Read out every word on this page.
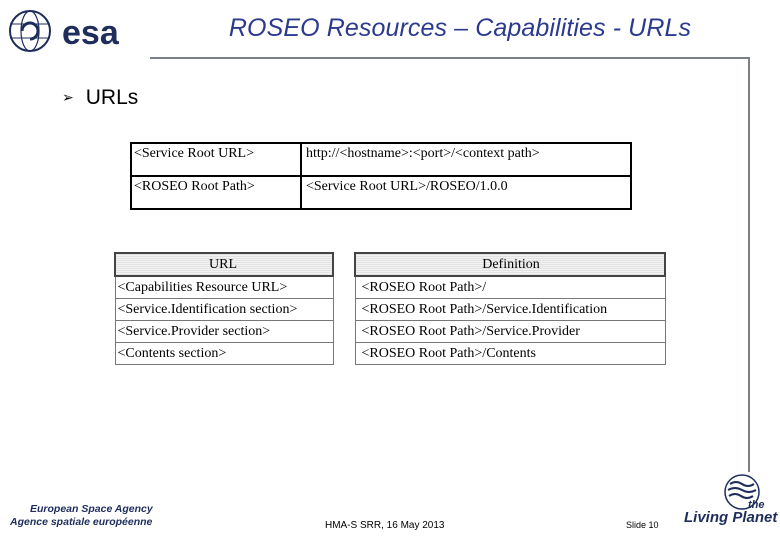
esa	ROSEO Resources – Capabilities - URLs
➢ URLs
<Service Root URL>	http://<hostname>:<port>/<context path>
<ROSEO Root Path>	<Service Root URL>/ROSEO/1.0.0
URL		Definition
<Capabilities Resource URL>		<ROSEO Root Path>/
<Service.Identification section>		<ROSEO Root Path>/Service.Identification
<Service.Provider section>		<ROSEO Root Path>/Service.Provider
<Contents section>		<ROSEO Root Path>/Contents
European Space Agency
Agence spatiale européenne	HMA-S SRR, 16 May 2013	Slide 10
the
Living Planet
